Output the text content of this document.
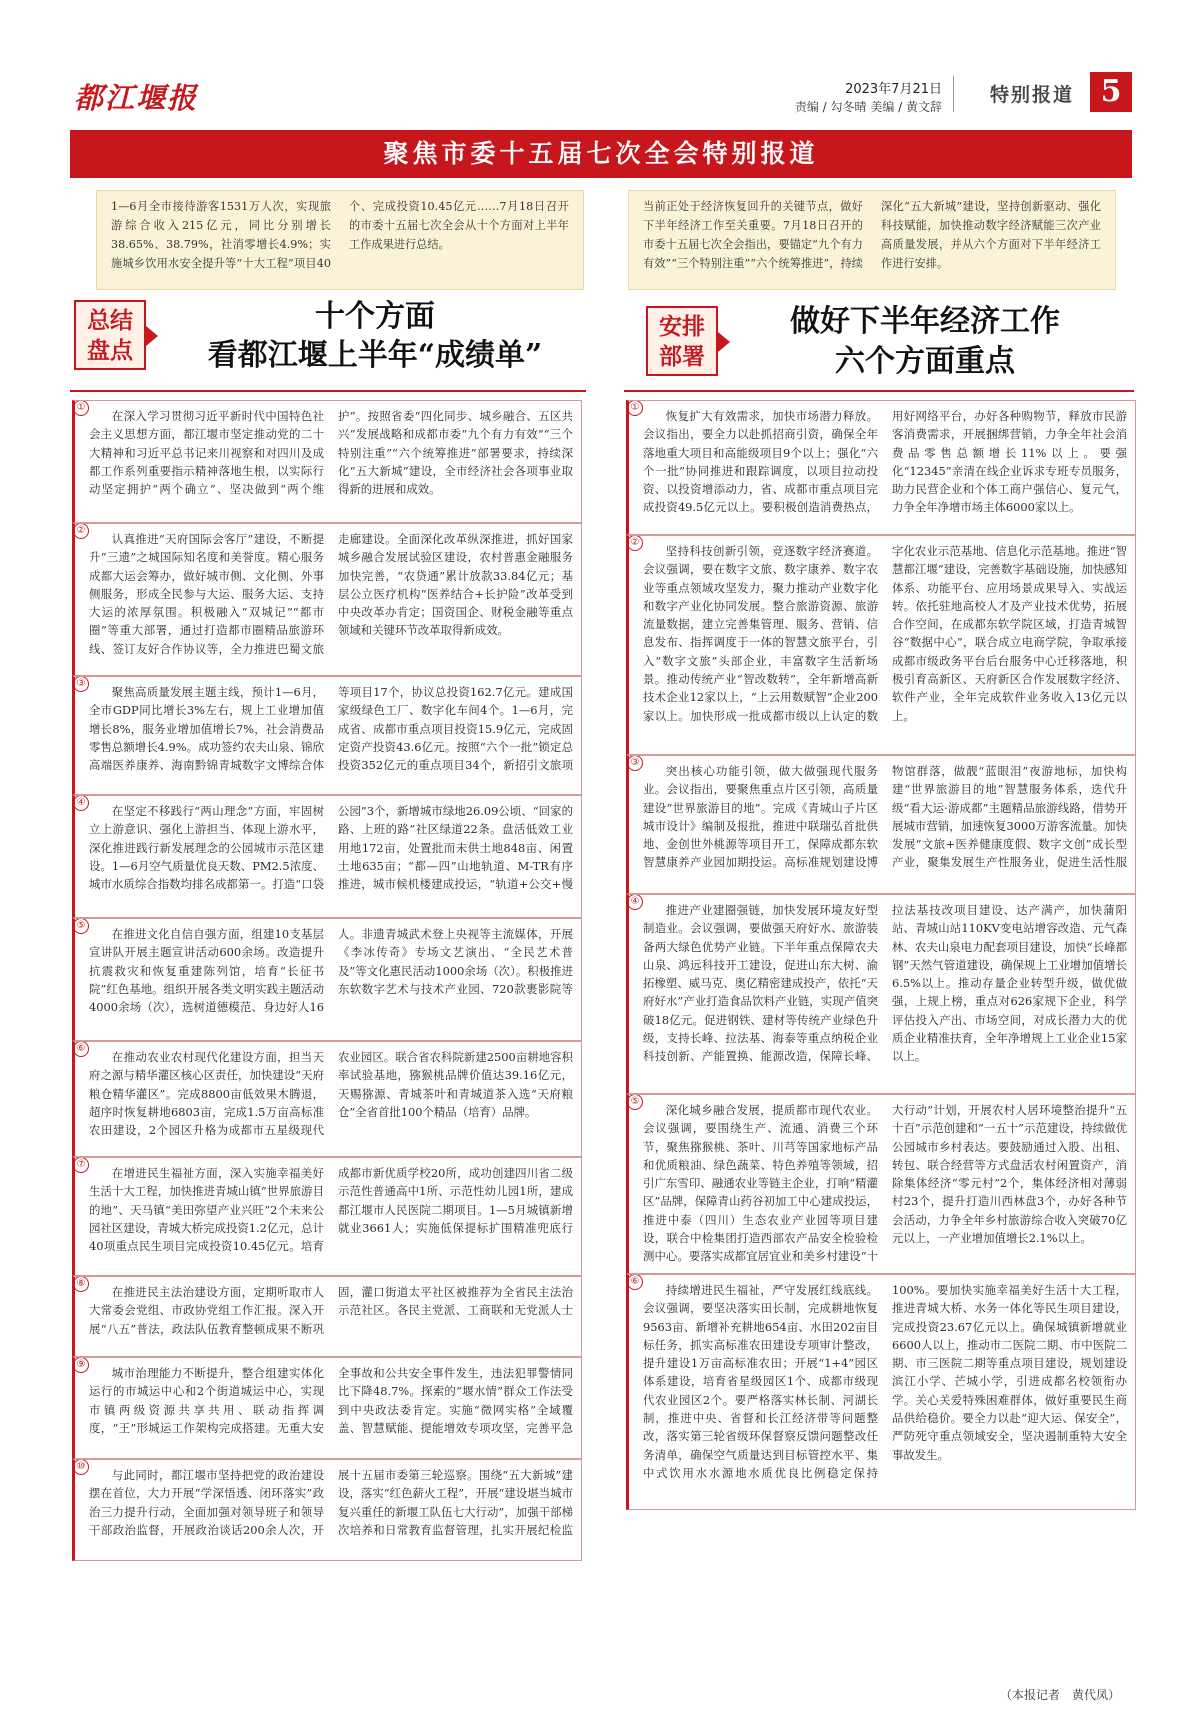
都江堰报	2023年7月21日
责编 / 勾冬晴 美编 / 黄文辞
特别报道 5
聚焦市委十五届七次全会特别报道
1—6月全市接待游客1531万人次，实现旅游综合收入215亿元，同比分别增长38.65%、38.79%，社消零增长4.9%；实施城乡饮用水安全提升等“十大工程”项目40个、完成投资10.45亿元……7月18日召开的市委十五届七次全会从十个方面对上半年工作成果进行总结。
当前正处于经济恢复回升的关键节点，做好下半年经济工作至关重要。7月18日召开的市委十五届七次全会指出，要锚定“九个有力有效”“三个特别注重”“六个统筹推进”，持续深化“五大新城”建设，坚持创新驱动、强化科技赋能，加快推动数字经济赋能三次产业高质量发展，并从六个方面对下半年经济工作进行安排。
总结
盘点
十个方面
看都江堰上半年“成绩单”
安排
部署
做好下半年经济工作
六个方面重点
①

在深入学习贯彻习近平新时代中国特色社会主义思想方面，都江堰市坚定推动党的二十大精神和习近平总书记来川视察和对四川及成都工作系列重要指示精神落地生根，以实际行动坚定拥护“两个确立”、坚决做到“两个维护”。按照省委“四化同步、城乡融合、五区共兴”发展战略和成都市委“九个有力有效”“三个特别注重”“六个统筹推进”部署要求，持续深化“五大新城”建设，全市经济社会各项事业取得新的进展和成效。

②

认真推进“天府国际会客厅”建设，不断提升“三遗”之城国际知名度和美誉度。精心服务成都大运会筹办，做好城市侧、文化侧、外事侧服务，形成全民参与大运、服务大运、支持大运的浓厚氛围。积极融入“双城记”“都市圈”等重大部署，通过打造都市圈精品旅游环线、签订友好合作协议等，全力推进巴蜀文旅走廊建设。全面深化改革纵深推进，抓好国家城乡融合发展试验区建设，农村普惠金融服务加快完善，“农贷通”累计放款33.84亿元；基层公立医疗机构“医养结合+长护险”改革受到中央改革办肯定；国资国企、财税金融等重点领域和关键环节改革取得新成效。

③

聚焦高质量发展主题主线，预计1—6月，全市GDP同比增长3%左右，规上工业增加值增长8%，服务业增加值增长7%，社会消费品零售总额增长4.9%。成功签约农夫山泉、锦欣高端医养康养、海南黔锦青城数字文博综合体等项目17个，协议总投资162.7亿元。建成国家级绿色工厂、数字化车间4个。1—6月，完成省、成都市重点项目投资15.9亿元，完成固定资产投资43.6亿元。按照“六个一批”锁定总投资352亿元的重点项目34个，新招引文旅项

④

在坚定不移践行“两山理念”方面，牢固树立上游意识、强化上游担当、体现上游水平，深化推进践行新发展理念的公园城市示范区建设。1—6月空气质量优良天数、PM2.5浓度、城市水质综合指数均排名成都第一。打造“口袋公园”3个，新增城市绿地26.09公顷、“回家的路、上班的路”社区绿道22条。盘活低效工业用地172亩，处置批而未供土地848亩、闲置土地635亩；“都—四”山地轨道、M-TR有序推进，城市候机楼建成投运，“轨道+公交+慢

⑤

在推进文化自信自强方面，组建10支基层宣讲队开展主题宣讲活动600余场。改造提升抗震救灾和恢复重建陈列馆，培育“长征书院”红色基地。组织开展各类文明实践主题活动4000余场（次），选树道德模范、身边好人16人。非遗青城武术登上央视等主流媒体，开展《李冰传奇》专场文艺演出、“全民艺术普及”等文化惠民活动1000余场（次）。积极推进东软数字艺术与技术产业园、720款裹影院等

⑥

在推动农业农村现代化建设方面，担当天府之源与精华灌区核心区责任，加快建设“天府粮仓精华灌区”。完成8800亩低效果木腾退，超序时恢复耕地6803亩，完成1.5万亩高标准农田建设，2个园区升格为成都市五星级现代农业园区。联合省农科院新建2500亩耕地容积率试验基地，猕猴桃品牌价值达39.16亿元，天赐猕源、青城茶叶和青城道茶入选“天府粮仓”全省首批100个精品（培育）品牌。

⑦

在增进民生福祉方面，深入实施幸福美好生活十大工程，加快推进青城山镇“世界旅游目的地”、天马镇“美田弥望产业兴旺”2个未来公园社区建设，青城大桥完成投资1.2亿元，总计40项重点民生项目完成投资10.45亿元。培育成都市新优质学校20所，成功创建四川省二级示范性普通高中1所、示范性幼儿园1所，建成都江堰市人民医院二期项目。1—5月城镇新增就业3661人；实施低保提标扩围精准兜底行

⑧

在推进民主法治建设方面，定期听取市人大常委会党组、市政协党组工作汇报。深入开展“八五”普法，政法队伍教育整顿成果不断巩固，灌口街道太平社区被推荐为全省民主法治示范社区。各民主党派、工商联和无党派人士

⑨

城市治理能力不断提升，整合组建实体化运行的市城运中心和2个街道城运中心，实现市镇两级资源共享共用、联动指挥调度，“王”形城运工作架构完成搭建。无重大安全事故和公共安全事件发生，违法犯罪警情同比下降48.7%。探索的“堰水情”群众工作法受到中央政法委肯定。实施“微网实格”全域覆盖、智慧赋能、提能增效专项攻坚，完善平急

⑩

与此同时，都江堰市坚持把党的政治建设摆在首位，大力开展“学深悟透、闭环落实”政治三力提升行动，全面加强对领导班子和领导干部政治监督，开展政治谈话200余人次，开展十五届市委第三轮巡察。围绕“五大新城”建设，落实“红色薪火工程”，开展“建设堪当城市复兴重任的新堰工队伍七大行动”，加强干部梯次培养和日常教育监督管理，扎实开展纪检监

①

恢复扩大有效需求，加快市场潜力释放。会议指出，要全力以赴抓招商引资，确保全年落地重大项目和高能级项目9个以上；强化“六个一批”协同推进和跟踪调度，以项目拉动投资、以投资增添动力，省、成都市重点项目完成投资49.5亿元以上。要积极创造消费热点，用好网络平台，办好各种购物节，释放市民游客消费需求，开展捆绑营销，力争全年社会消费品零售总额增长11%以上。要强化“12345”亲清在线企业诉求专班专员服务，助力民营企业和个体工商户强信心、复元气，力争全年净增市场主体6000家以上。

②

坚持科技创新引领，竞逐数字经济赛道。会议强调，要在数字文旅、数字康养、数字农业等重点领域攻坚发力，聚力推动产业数字化和数字产业化协同发展。整合旅游资源、旅游流量数据，建立完善集管理、服务、营销、信息发布、指挥调度于一体的智慧文旅平台，引入“数字文旅”头部企业，丰富数字生活新场景。推动传统产业“智改数转”，全年新增高新技术企业12家以上，“上云用数赋智”企业200家以上。加快形成一批成都市级以上认定的数字化农业示范基地、信息化示范基地。推进“智慧都江堰”建设，完善数字基础设施，加快感知体系、功能平台、应用场景成果导入、实战运转。依托驻地高校人才及产业技术优势，拓展合作空间，在成都东软学院区域，打造青城智谷“数据中心”，联合成立电商学院，争取承接成都市级政务平台后台服务中心迁移落地，积极引育高新区、天府新区合作发展数字经济、软件产业，全年完成软件业务收入13亿元以上。

③

突出核心功能引领，做大做强现代服务业。会议指出，要聚焦重点片区引领，高质量建设“世界旅游目的地”。完成《青城山子片区城市设计》编制及报批，推进中联瑞弘首批供地、金创世外桃源等项目开工，保障成都东软智慧康养产业园加期投运。高标准规划建设博物馆群落，做靓“蓝眼泪”夜游地标，加快构建“世界旅游目的地”智慧服务体系，迭代升级“看大运·游成都”主题精品旅游线路，借势开展城市营销，加速恢复3000万游客流量。加快发展“文旅+医养健康度假、数字文创”成长型产业，聚集发展生产性服务业，促进生活性服

④

推进产业建圈强链，加快发展环境友好型制造业。会议强调，要做强天府好水、旅游装备两大绿色优势产业链。下半年重点保障农夫山泉、鸿远科技开工建设，促进山东大树、渝拓橡塑、威马克、奥亿精密建成投产，依托“天府好水”产业打造食品饮料产业链，实现产值突破18亿元。促进钢铁、建材等传统产业绿色升级，支持长峰、拉法基、海泰等重点纳税企业科技创新、产能置换、能源改造，保障长峰、拉法基技改项目建设、达产满产，加快蒲阳站、青城山站110KV变电站增容改造、元气森林、农夫山泉电力配套项目建设，加快“长峰都钢”天然气管道建设，确保规上工业增加值增长6.5%以上。推动存量企业转型升级，做优做强，上规上榜，重点对626家规下企业，科学评估投入产出、市场空间，对成长潜力大的优质企业精准扶育，全年净增规上工业企业15家以上。

⑤

深化城乡融合发展，提质都市现代农业。会议强调，要围绕生产、流通、消费三个环节，聚焦猕猴桃、茶叶、川芎等国家地标产品和优质粮油、绿色蔬菜、特色养殖等领域，招引广东雪印、融通农业等链主企业，打响“精灌区”品牌，保障青山药谷初加工中心建成投运，推进中泰（四川）生态农业产业园等项目建设，联合中检集团打造西部农产品安全检验检测中心。要落实成都宜居宜业和美乡村建设“十大行动”计划，开展农村人居环境整治提升“五十百”示范创建和“一五十”示范建设，持续做优公园城市乡村表达。要鼓励通过入股、出租、转包、联合经营等方式盘活农村闲置资产，消除集体经济“零元村”2个，集体经济相对薄弱村23个，提升打造川西林盘3个，办好各种节会活动，力争全年乡村旅游综合收入突破70亿元以上，一产业增加值增长2.1%以上。

⑥

持续增进民生福祉，严守发展红线底线。会议强调，要坚决落实田长制，完成耕地恢复9563亩、新增补充耕地654亩、水田202亩目标任务，抓实高标准农田建设专项审计整改，提升建设1万亩高标准农田；开展“1+4”园区体系建设，培育省星级园区1个、成都市级现代农业园区2个。要严格落实林长制、河湖长制，推进中央、省督和长江经济带等问题整改，落实第三轮省级环保督察反馈问题整改任务清单，确保空气质量达到目标管控水平、集中式饮用水水源地水质优良比例稳定保持100%。要加快实施幸福美好生活十大工程，推进青城大桥、水务一体化等民生项目建设，完成投资23.67亿元以上。确保城镇新增就业6600人以上，推动市二医院二期、市中医院二期、市三医院二期等重点项目建设，规划建设滨江小学、芒城小学，引进成都名校领衔办学。关心关爱特殊困难群体，做好重要民生商品供给稳价。要全力以赴“迎大运、保安全”，严防死守重点领域安全，坚决遏制重特大安全事故发生。

（本报记者　黄代凤）
